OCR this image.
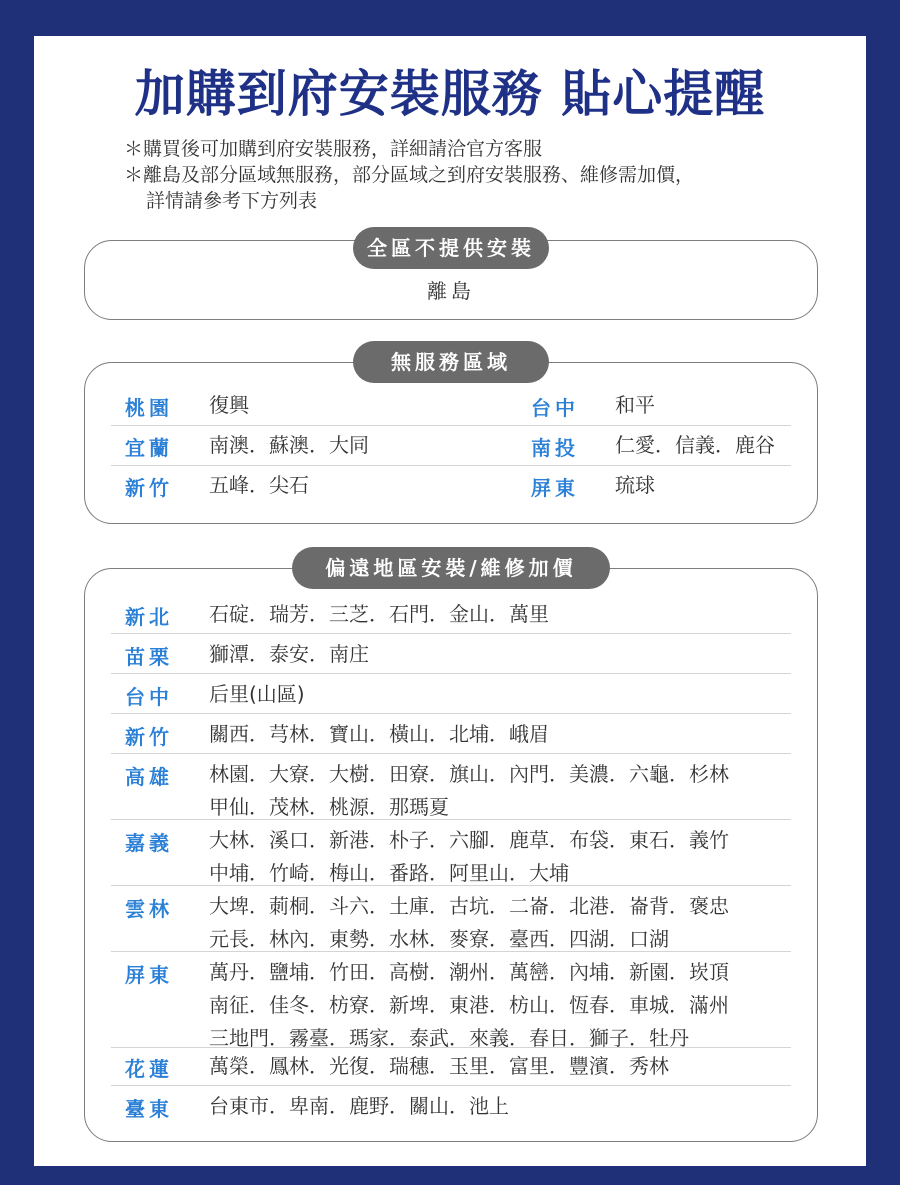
加購到府安裝服務 貼心提醒
＊購買後可加購到府安裝服務，詳細請洽官方客服
＊離島及部分區域無服務，部分區域之到府安裝服務、維修需加價，
詳情請參考下方列表
全區不提供安裝
離島
無服務區域
桃園 復興	台中 和平
宜蘭 南澳．蘇澳．大同	南投 仁愛．信義．鹿谷
新竹 五峰．尖石	屏東 琉球
偏遠地區安裝/維修加價
新北 石碇．瑞芳．三芝．石門．金山．萬里
苗栗 獅潭．泰安．南庄
台中 后里(山區)
新竹 關西．芎林．寶山．橫山．北埔．峨眉
高雄 林園．大寮．大樹．田寮．旗山．內門．美濃．六龜．杉林
甲仙．茂林．桃源．那瑪夏
嘉義 大林．溪口．新港．朴子．六腳．鹿草．布袋．東石．義竹
中埔．竹崎．梅山．番路．阿里山．大埔
雲林 大埤．莿桐．斗六．土庫．古坑．二崙．北港．崙背．褒忠
元長．林內．東勢．水林．麥寮．臺西．四湖．口湖
屏東 萬丹．鹽埔．竹田．高樹．潮州．萬巒．內埔．新園．崁頂
南征．佳冬．枋寮．新埤．東港．枋山．恆春．車城．滿州
三地門．霧臺．瑪家．泰武．來義．春日．獅子．牡丹
花蓮 萬榮．鳳林．光復．瑞穗．玉里．富里．豐濱．秀林
臺東 台東市．卑南．鹿野．關山．池上
